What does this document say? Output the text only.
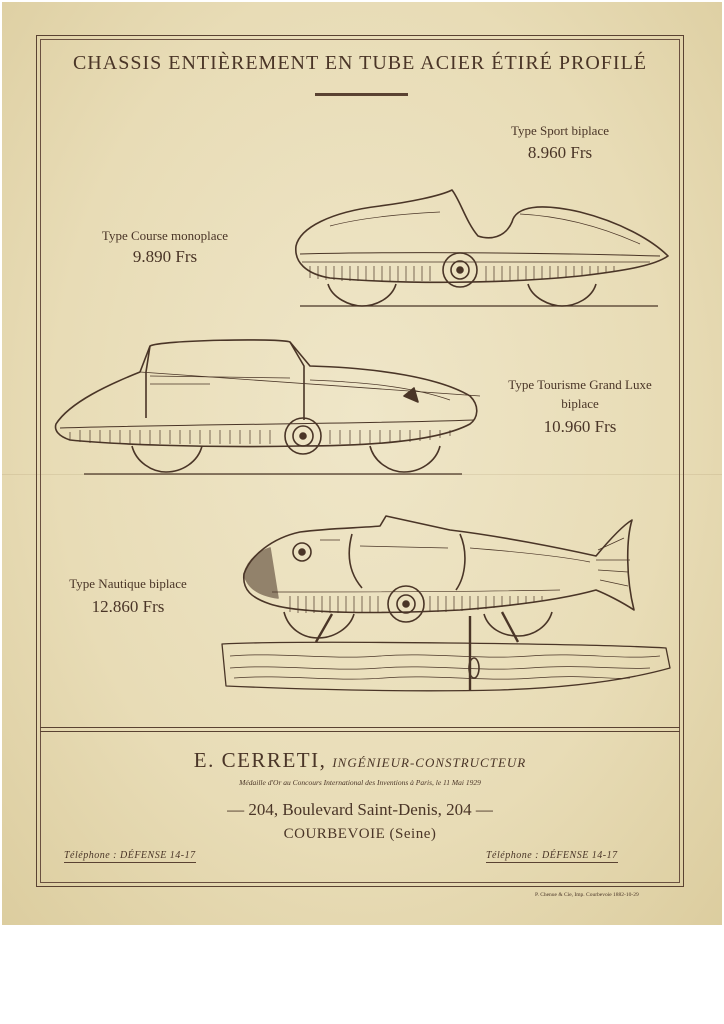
CHASSIS ENTIÈREMENT EN TUBE ACIER ÉTIRÉ PROFILÉ
Type Sport biplace
8.960 Frs
Type Course monoplace
9.890 Frs
Type Tourisme Grand Luxe
biplace
10.960 Frs
Type Nautique biplace
12.860 Frs
E. CERRETI, INGÉNIEUR-CONSTRUCTEUR
Médaille d'Or au Concours International des Inventions à Paris, le 11 Mai 1929
— 204, Boulevard Saint-Denis, 204 —
COURBEVOIE (Seine)
Téléphone : DÉFENSE 14-17	Téléphone : DÉFENSE 14-17
P. Chenue & Cie, Imp. Courbevoie 1882-10-29
